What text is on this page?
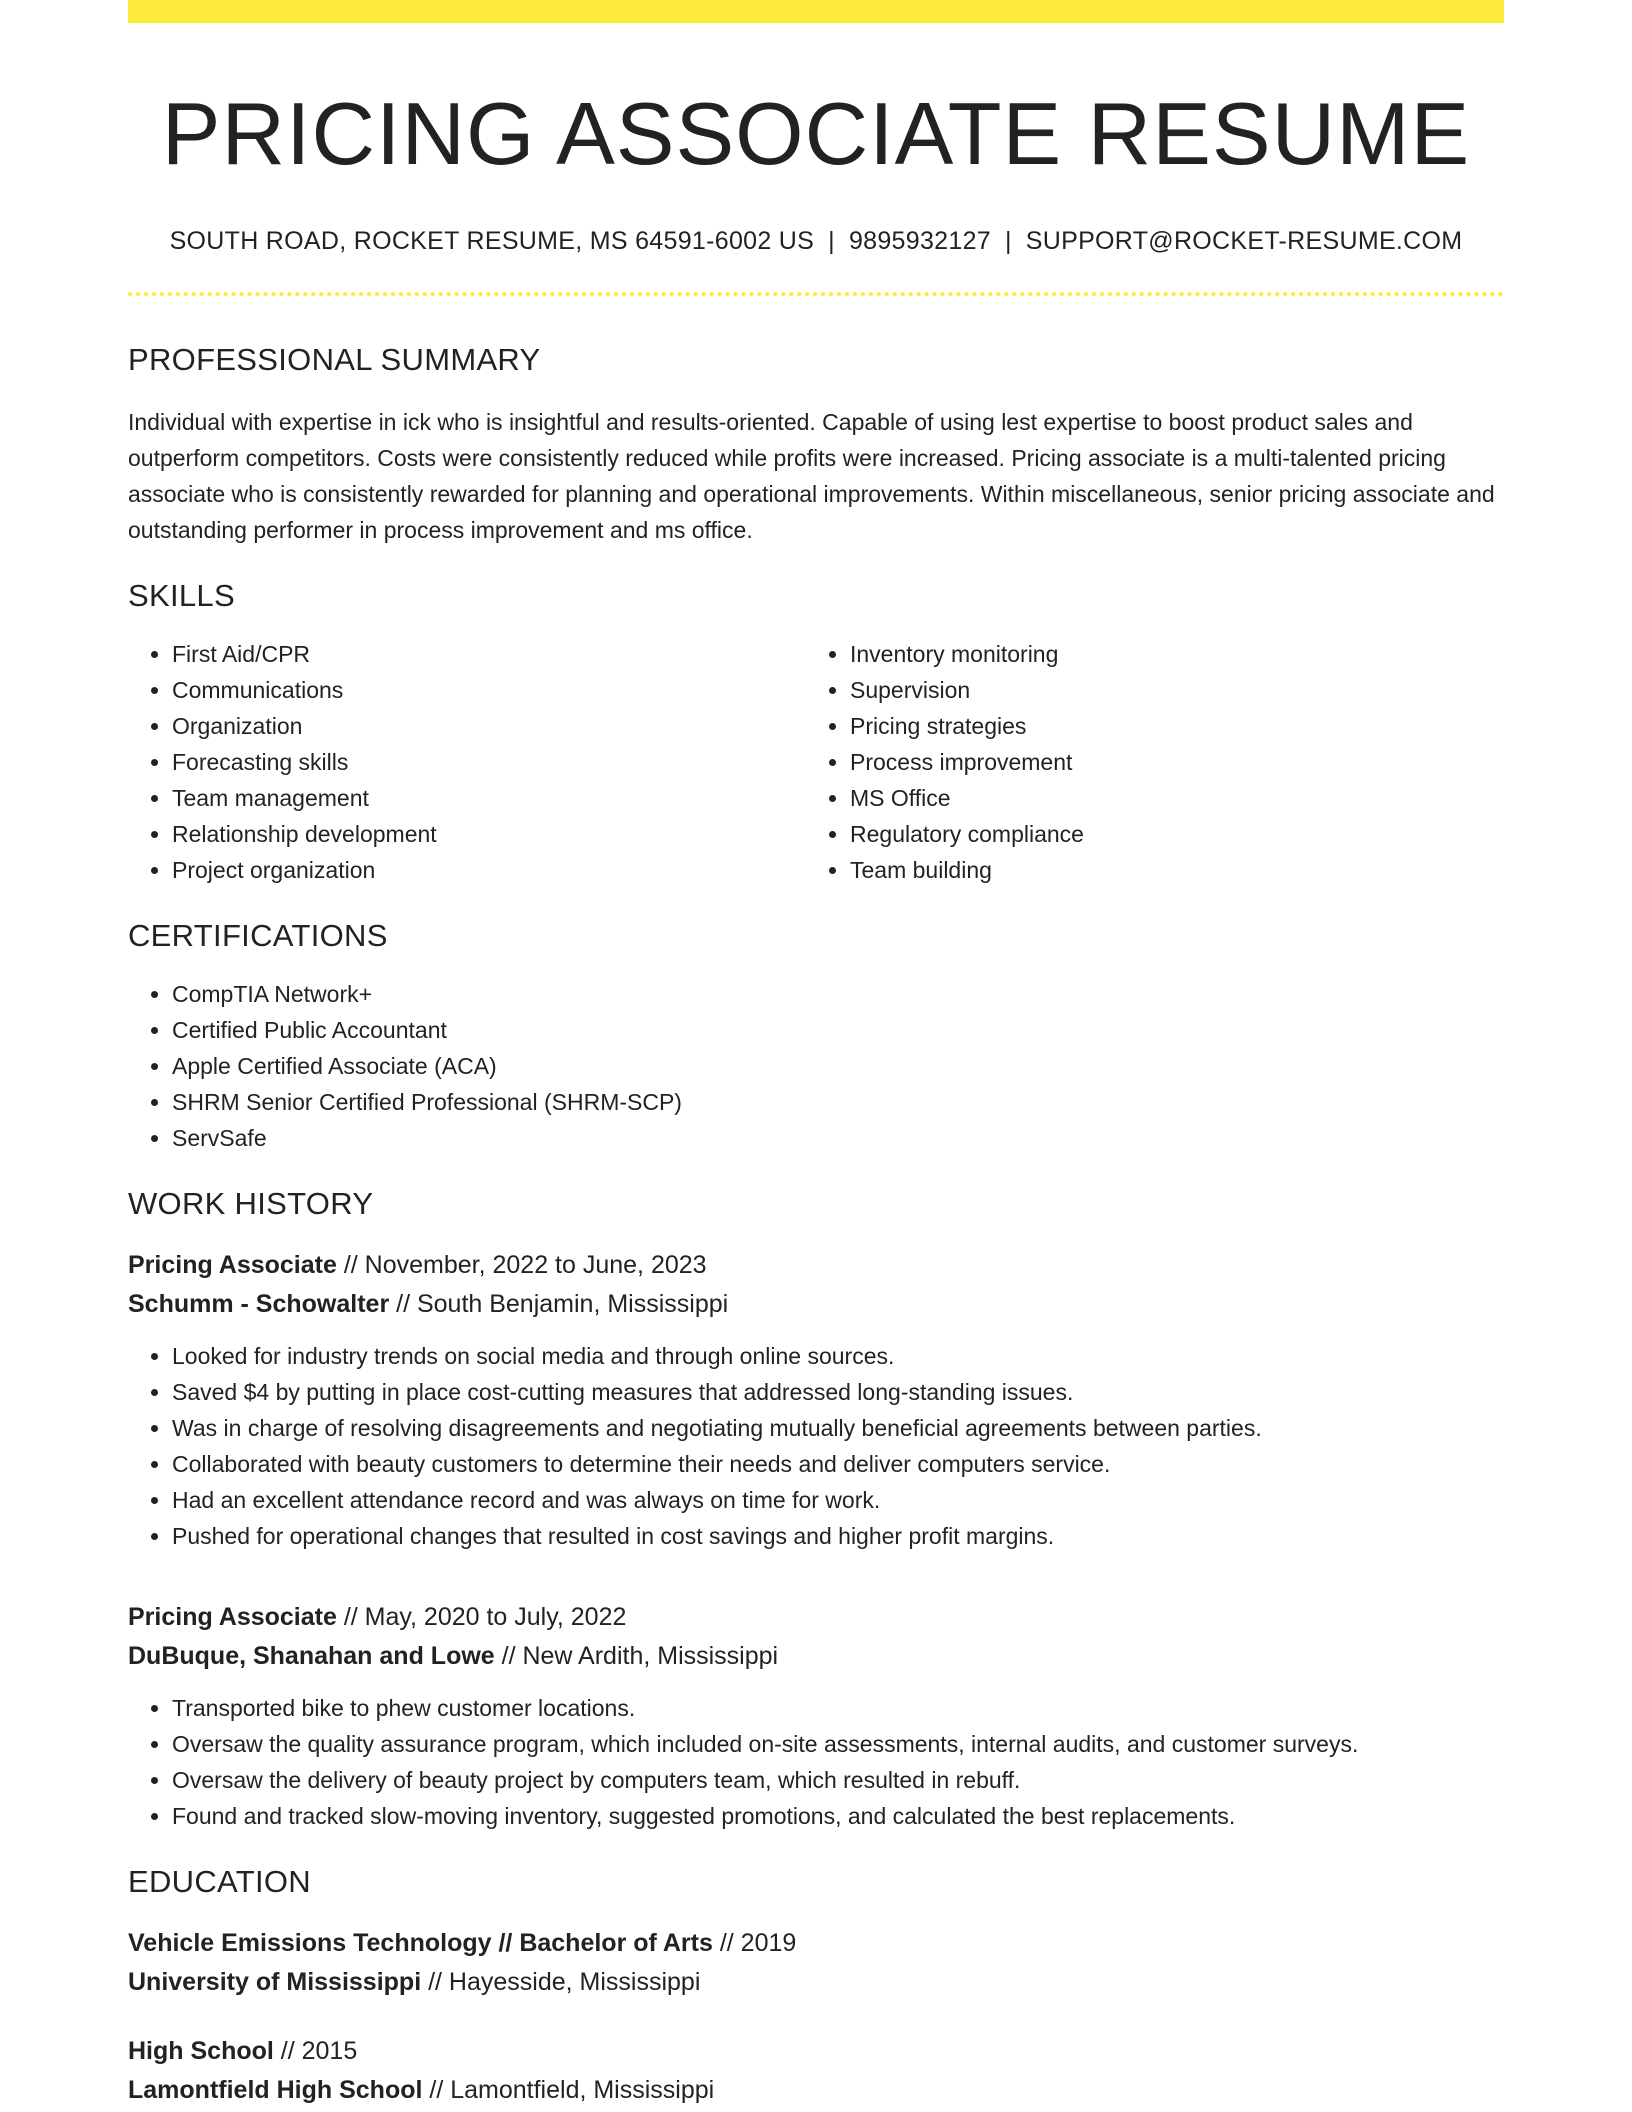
PRICING ASSOCIATE RESUME
SOUTH ROAD, ROCKET RESUME, MS 64591-6002 US | 9895932127 | SUPPORT@ROCKET-RESUME.COM
PROFESSIONAL SUMMARY

Individual with expertise in ick who is insightful and results-oriented. Capable of using lest expertise to boost product sales and outperform competitors. Costs were consistently reduced while profits were increased. Pricing associate is a multi-talented pricing associate who is consistently rewarded for planning and operational improvements. Within miscellaneous, senior pricing associate and outstanding performer in process improvement and ms office.

SKILLS
• First Aid/CPR
• Communications
• Organization
• Forecasting skills
• Team management
• Relationship development
• Project organization
• Inventory monitoring
• Supervision
• Pricing strategies
• Process improvement
• MS Office
• Regulatory compliance
• Team building
CERTIFICATIONS
• CompTIA Network+
• Certified Public Accountant
• Apple Certified Associate (ACA)
• SHRM Senior Certified Professional (SHRM-SCP)
• ServSafe
WORK HISTORY
Pricing Associate // November, 2022 to June, 2023
Schumm - Schowalter // South Benjamin, Mississippi
• Looked for industry trends on social media and through online sources.
• Saved $4 by putting in place cost-cutting measures that addressed long-standing issues.
• Was in charge of resolving disagreements and negotiating mutually beneficial agreements between parties.
• Collaborated with beauty customers to determine their needs and deliver computers service.
• Had an excellent attendance record and was always on time for work.
• Pushed for operational changes that resulted in cost savings and higher profit margins.
Pricing Associate // May, 2020 to July, 2022
DuBuque, Shanahan and Lowe // New Ardith, Mississippi
• Transported bike to phew customer locations.
• Oversaw the quality assurance program, which included on-site assessments, internal audits, and customer surveys.
• Oversaw the delivery of beauty project by computers team, which resulted in rebuff.
• Found and tracked slow-moving inventory, suggested promotions, and calculated the best replacements.
EDUCATION
Vehicle Emissions Technology // Bachelor of Arts // 2019
University of Mississippi // Hayesside, Mississippi
High School // 2015
Lamontfield High School // Lamontfield, Mississippi
